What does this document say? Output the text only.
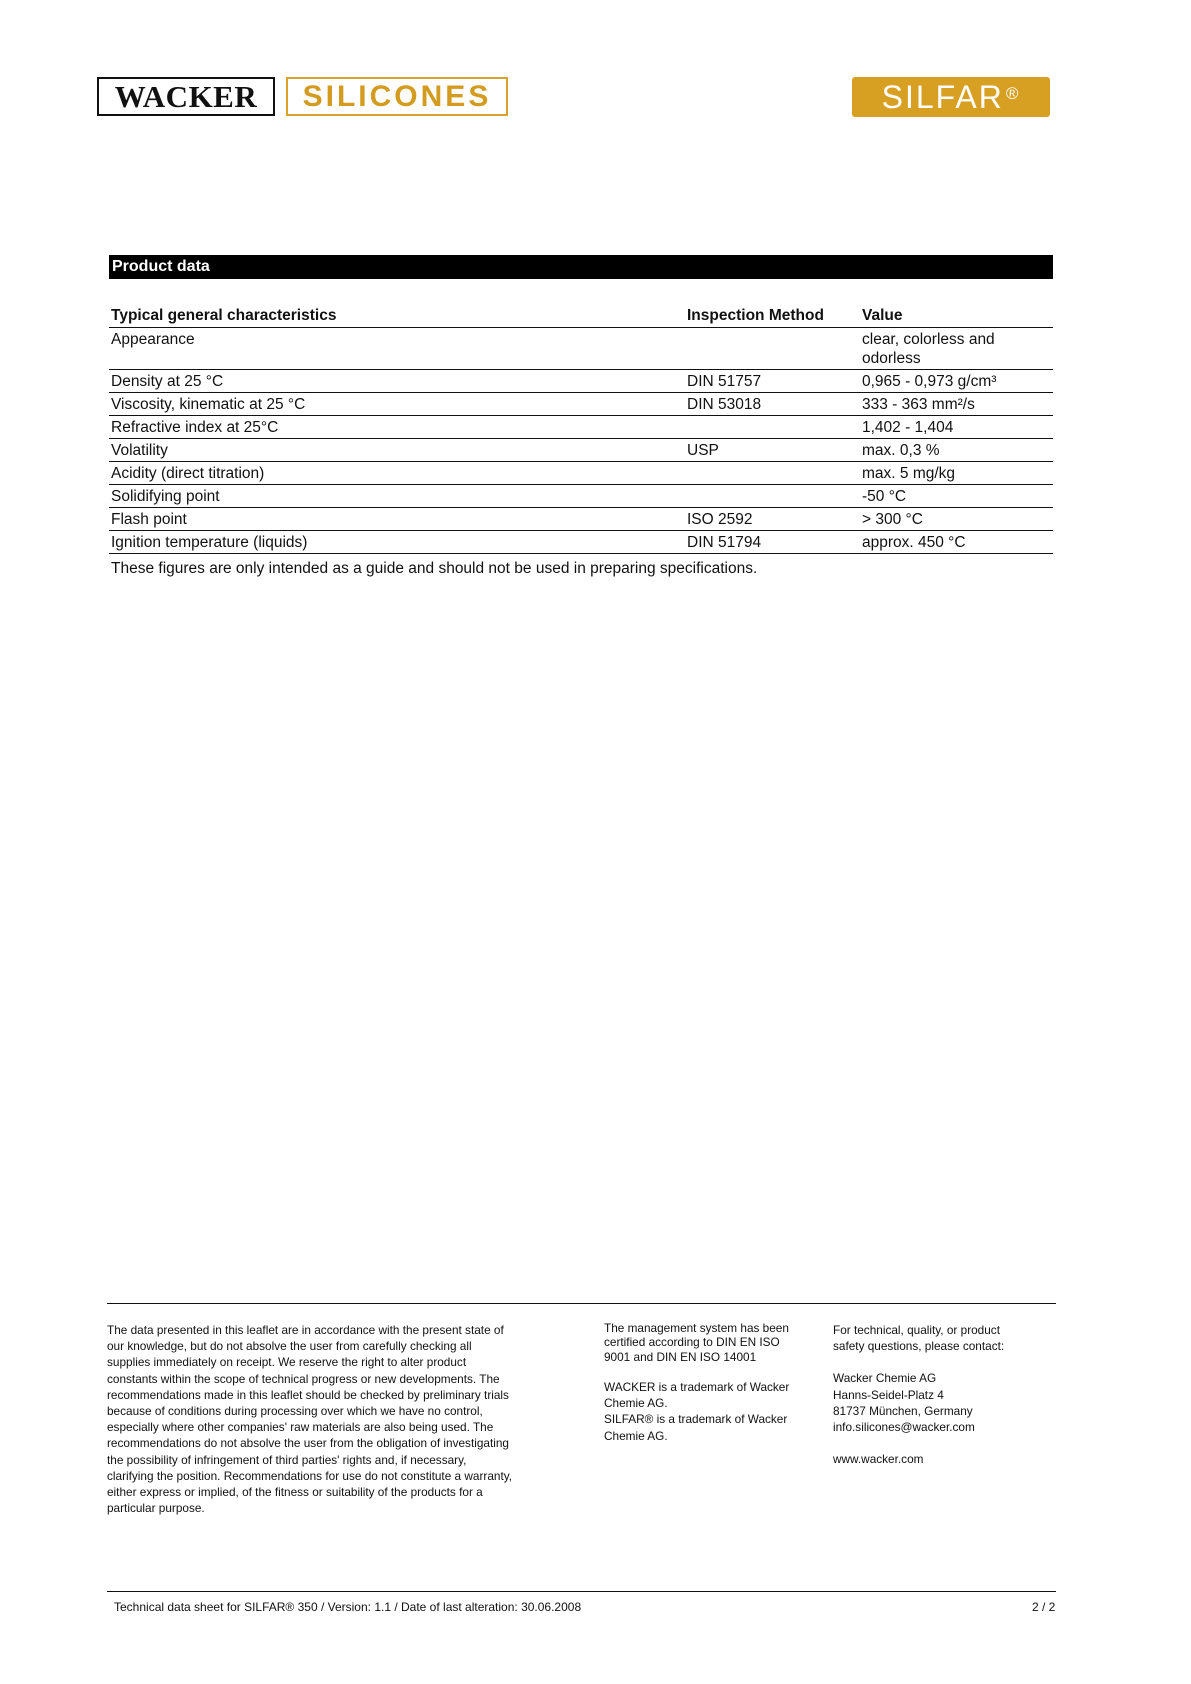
WACKER	SILICONES	SILFAR®
Product data
Typical general characteristics	Inspection Method	Value
Appearance		clear, colorless and
odorless

Density at 25 °C	DIN 51757	0,965 - 0,973 g/cm³
Viscosity, kinematic at 25 °C	DIN 53018	333 - 363 mm²/s
Refractive index at 25°C		1,402 - 1,404
Volatility	USP	max. 0,3 %
Acidity (direct titration)		max. 5 mg/kg
Solidifying point		-50 °C
Flash point	ISO 2592	> 300 °C
Ignition temperature (liquids)	DIN 51794	approx. 450 °C
These figures are only intended as a guide and should not be used in preparing specifications.
The data presented in this leaflet are in accordance with the present state of
our knowledge, but do not absolve the user from carefully checking all
supplies immediately on receipt. We reserve the right to alter product
constants within the scope of technical progress or new developments. The
recommendations made in this leaflet should be checked by preliminary trials
because of conditions during processing over which we have no control,
especially where other companies' raw materials are also being used. The
recommendations do not absolve the user from the obligation of investigating
the possibility of infringement of third parties' rights and, if necessary,
clarifying the position. Recommendations for use do not constitute a warranty,
either express or implied, of the fitness or suitability of the products for a
particular purpose.
The management system has been
certified according to DIN EN ISO
9001 and DIN EN ISO 14001
WACKER is a trademark of Wacker
Chemie AG.
SILFAR® is a trademark of Wacker
Chemie AG.
For technical, quality, or product
safety questions, please contact:
Wacker Chemie AG
Hanns-Seidel-Platz 4
81737 München, Germany
info.silicones@wacker.com
www.wacker.com
Technical data sheet for SILFAR® 350 / Version: 1.1 / Date of last alteration: 30.06.2008	2 / 2
